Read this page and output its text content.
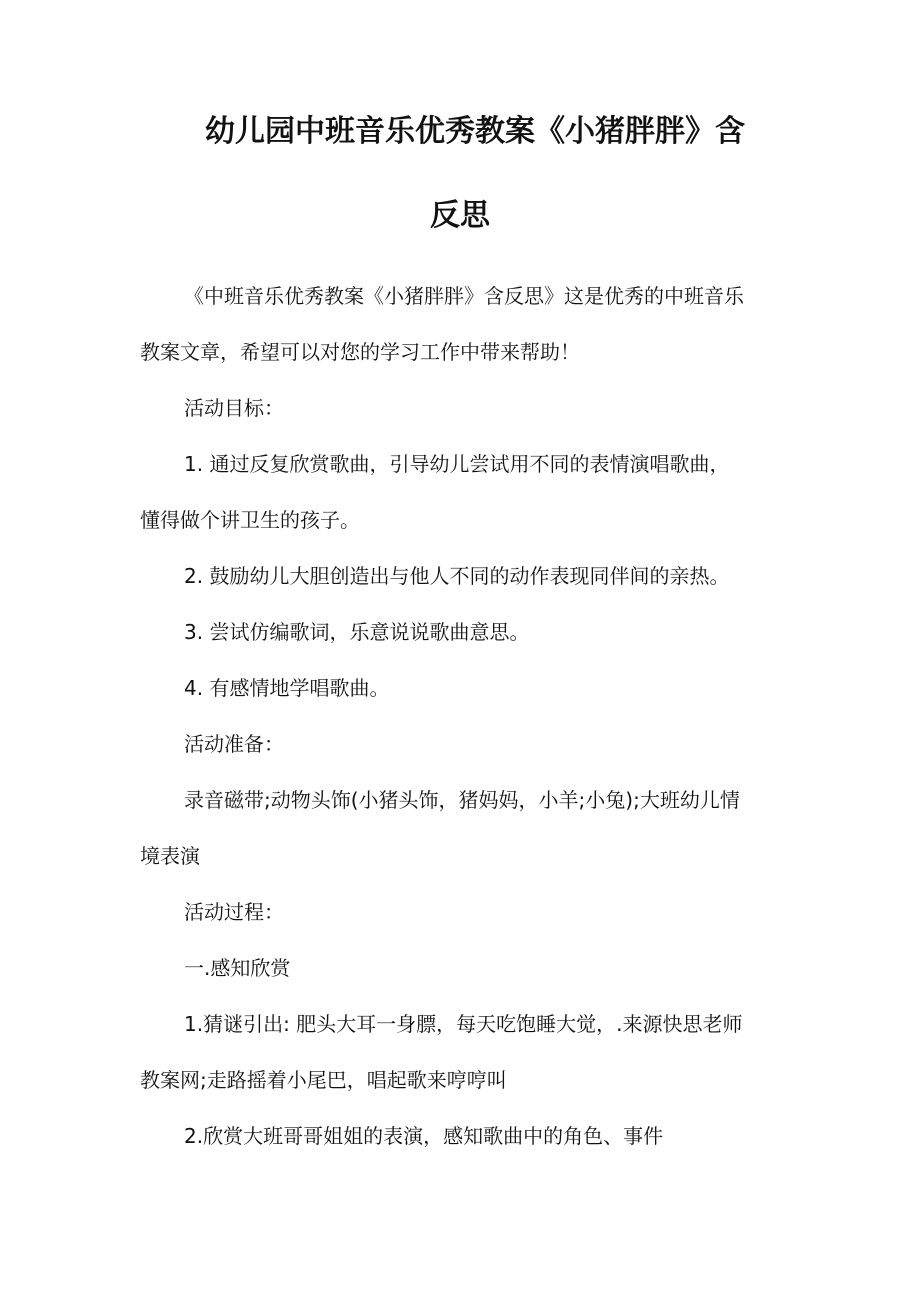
幼儿园中班音乐优秀教案《小猪胖胖》含
反思

《中班音乐优秀教案《小猪胖胖》含反思》这是优秀的中班音乐

教案文章，希望可以对您的学习工作中带来帮助！

活动目标：

1. 通过反复欣赏歌曲，引导幼儿尝试用不同的表情演唱歌曲，

懂得做个讲卫生的孩子。

2. 鼓励幼儿大胆创造出与他人不同的动作表现同伴间的亲热。

3. 尝试仿编歌词，乐意说说歌曲意思。

4. 有感情地学唱歌曲。

活动准备：

录音磁带;动物头饰(小猪头饰，猪妈妈，小羊;小兔);大班幼儿情

境表演

活动过程：

一.感知欣赏

1.猜谜引出: 肥头大耳一身膘，每天吃饱睡大觉，.来源快思老师

教案网;走路摇着小尾巴，唱起歌来哼哼叫

2.欣赏大班哥哥姐姐的表演，感知歌曲中的角色、事件
